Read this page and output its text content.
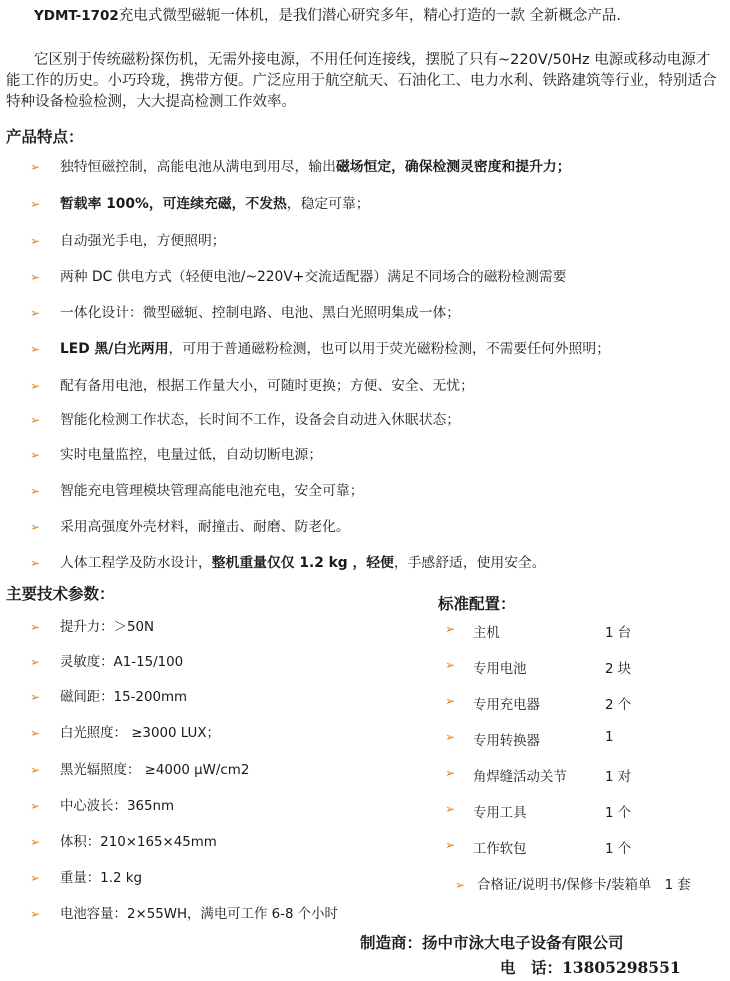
YDMT-1702充电式微型磁轭一体机，是我们潜心研究多年，精心打造的一款 全新概念产品.
它区别于传统磁粉探伤机，无需外接电源，不用任何连接线，摆脱了只有~220V/50Hz 电源或移动电源才能工作的历史。小巧玲珑，携带方便。广泛应用于航空航天、石油化工、电力水利、铁路建筑等行业，特别适合特种设备检验检测，大大提高检测工作效率。
产品特点：
➢ 独特恒磁控制，高能电池从满电到用尽，输出磁场恒定，确保检测灵密度和提升力；
➢ 暂载率 100%，可连续充磁，不发热，稳定可靠；
➢ 自动强光手电，方便照明；
➢ 两种 DC 供电方式（轻便电池/~220V+交流适配器）满足不同场合的磁粉检测需要
➢ 一体化设计：微型磁轭、控制电路、电池、黑白光照明集成一体；
➢ LED 黑/白光两用，可用于普通磁粉检测，也可以用于荧光磁粉检测，不需要任何外照明；
➢ 配有备用电池，根据工作量大小，可随时更换；方便、安全、无忧；
➢ 智能化检测工作状态，长时间不工作，设备会自动进入休眠状态；
➢ 实时电量监控，电量过低，自动切断电源；
➢ 智能充电管理模块管理高能电池充电，安全可靠；
➢ 采用高强度外壳材料，耐撞击、耐磨、防老化。
➢ 人体工程学及防水设计，整机重量仅仅 1.2 kg ，轻便，手感舒适，使用安全。
主要技术参数：
➢ 提升力：＞50N
➢ 灵敏度：A1-15/100
➢ 磁间距：15-200mm
➢ 白光照度： ≥3000 LUX；
➢ 黑光辐照度： ≥4000 μW/cm2
➢ 中心波长：365nm
➢ 体积：210×165×45mm
➢ 重量：1.2 kg
➢ 电池容量：2×55WH，满电可工作 6-8 个小时
标准配置：
➢ 主机	1 台
➢ 专用电池	2 块
➢ 专用充电器	2 个
➢ 专用转换器	1
➢ 角焊缝活动关节	1 对
➢ 专用工具	1 个
➢ 工作软包	1 个
➢ 合格证/说明书/保修卡/装箱单　1 套
制造商：扬中市泳大电子设备有限公司
电　话：13805298551
